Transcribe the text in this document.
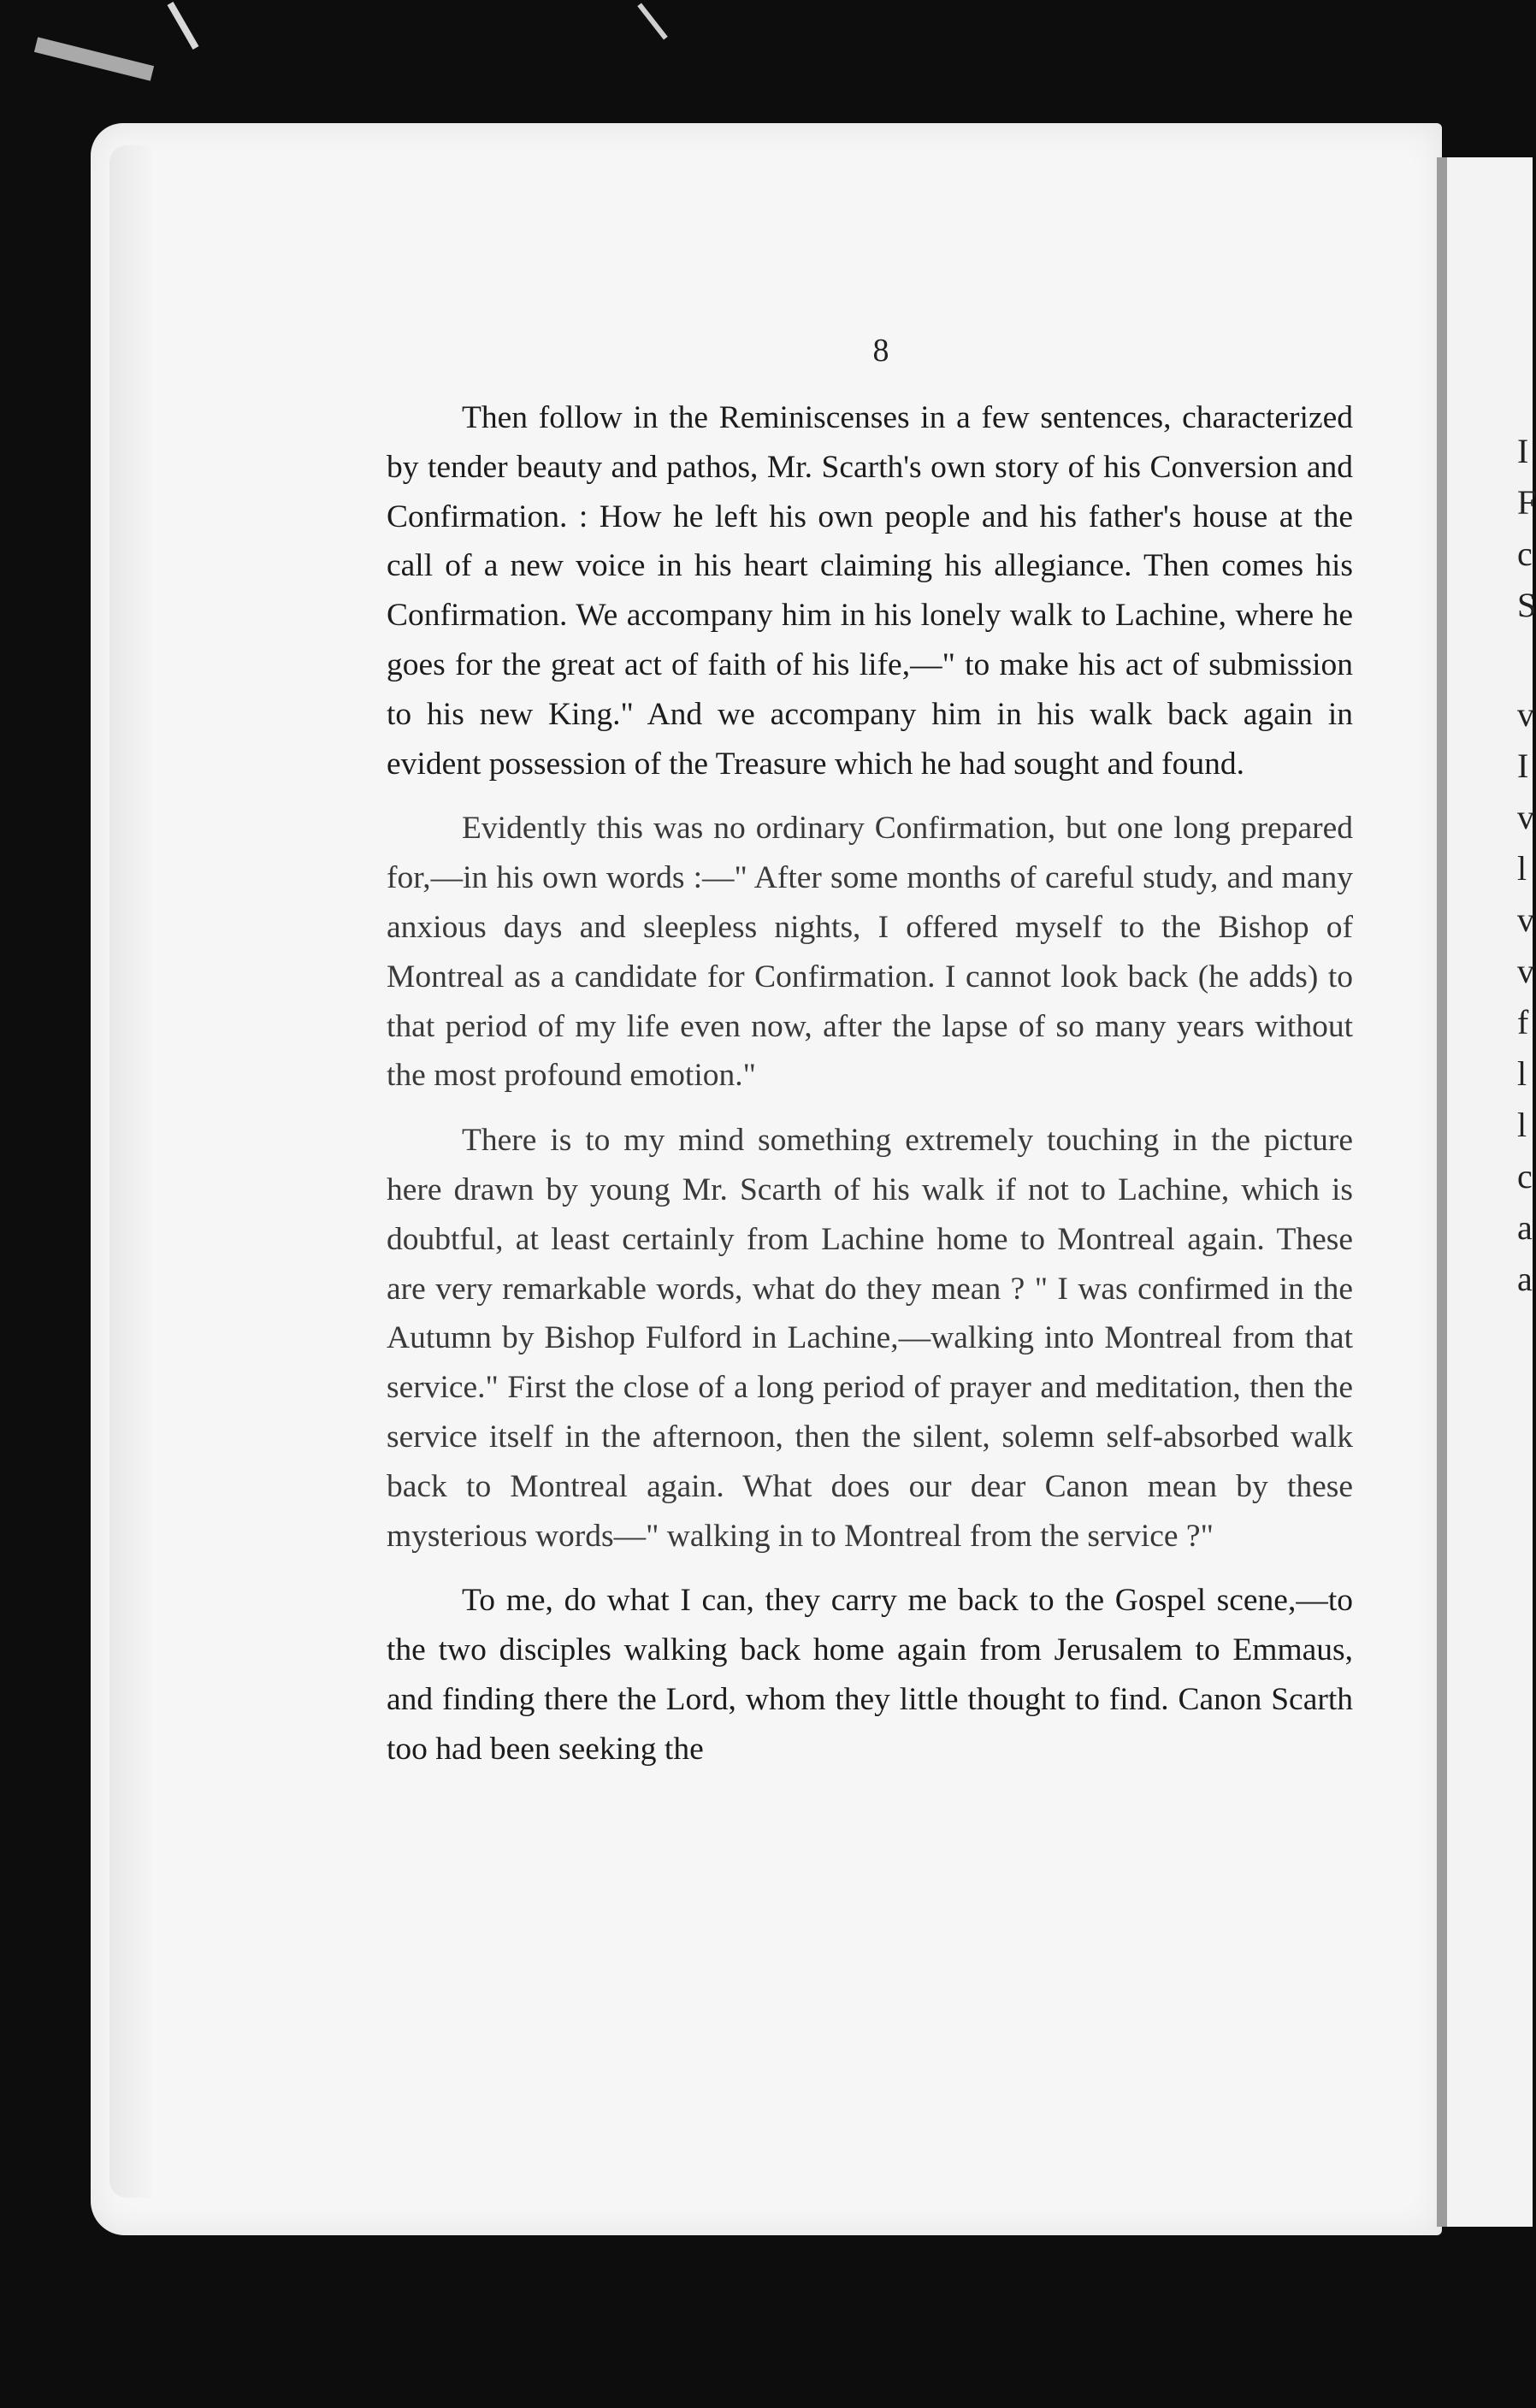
I
F
c
S
v
I
v
l
v
v
f
l
l
c
a
a
8

Then follow in the Reminiscenses in a few sentences, characterized by tender beauty and pathos, Mr. Scarth's own story of his Conversion and Confirmation. : How he left his own people and his father's house at the call of a new voice in his heart claiming his allegiance. Then comes his Confirmation. We accompany him in his lonely walk to Lachine, where he goes for the great act of faith of his life,—" to make his act of submission to his new King." And we accompany him in his walk back again in evident possession of the Treasure which he had sought and found.

Evidently this was no ordinary Confirmation, but one long prepared for,—in his own words :—" After some months of careful study, and many anxious days and sleepless nights, I offered myself to the Bishop of Montreal as a candidate for Confirmation. I cannot look back (he adds) to that period of my life even now, after the lapse of so many years without the most profound emotion."

There is to my mind something extremely touching in the picture here drawn by young Mr. Scarth of his walk if not to Lachine, which is doubtful, at least certainly from Lachine home to Montreal again. These are very remarkable words, what do they mean ? " I was confirmed in the Autumn by Bishop Fulford in Lachine,—walking into Montreal from that service." First the close of a long period of prayer and meditation, then the service itself in the afternoon, then the silent, solemn self-absorbed walk back to Montreal again. What does our dear Canon mean by these mysterious words—" walking in to Montreal from the service ?"

To me, do what I can, they carry me back to the Gospel scene,—to the two disciples walking back home again from Jerusalem to Emmaus, and finding there the Lord, whom they little thought to find. Canon Scarth too had been seeking the
